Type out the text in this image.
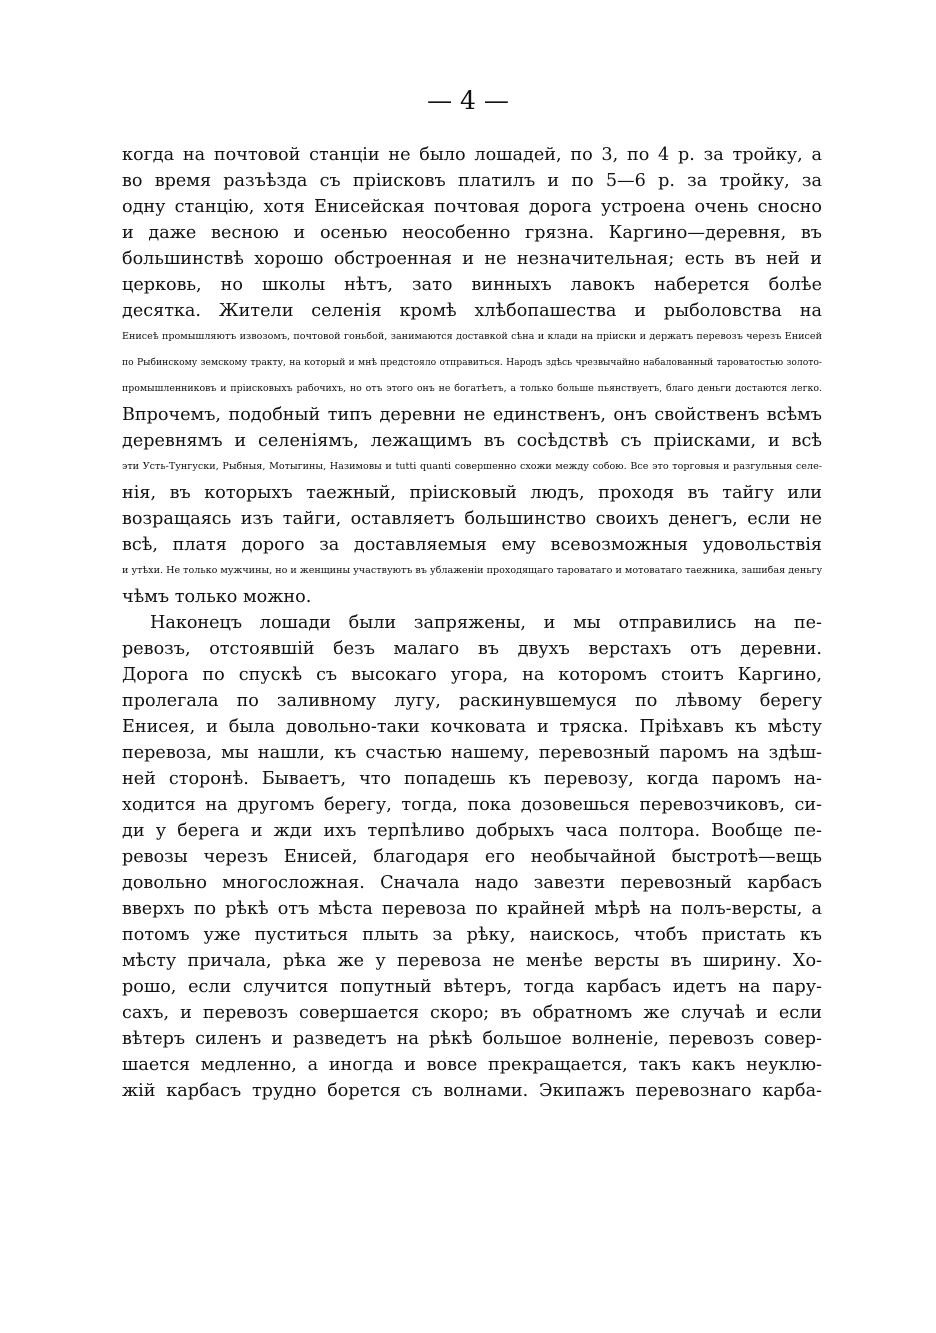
— 4 —
когда на почтовой станціи не было лошадей, по 3, по 4 р. за тройку, а
во время разъѣзда съ пріисковъ платилъ и по 5—6 р. за тройку, за
одну станцію, хотя Енисейская почтовая дорога устроена очень сносно
и даже весною и осенью неособенно грязна. Каргино—деревня, въ
большинствѣ хорошо обстроенная и не незначительная; есть въ ней и
церковь, но школы нѣтъ, зато винныхъ лавокъ наберется болѣе
десятка. Жители селенія кромѣ хлѣбопашества и рыболовства на
Енисеѣ промышляютъ извозомъ, почтовой гоньбой, занимаются доставкой сѣна и клади на пріиски и держатъ перевозъ черезъ Енисей
по Рыбинскому земскому тракту, на который и мнѣ предстояло отправиться. Народъ здѣсь чрезвычайно набалованный тароватостью золото-
промышленниковъ и пріисковыхъ рабочихъ, но отъ этого онъ не богатѣетъ, а только больше пьянствуетъ, благо деньги достаются легко.
Впрочемъ, подобный типъ деревни не единственъ, онъ свойственъ всѣмъ
деревнямъ и селеніямъ, лежащимъ въ сосѣдствѣ съ пріисками, и всѣ
эти Усть-Тунгуски, Рыбныя, Мотыгины, Назимовы и tutti quanti совершенно схожи между собою. Все это торговыя и разгульныя селе-
нія, въ которыхъ таежный, пріисковый людъ, проходя въ тайгу или
возращаясь изъ тайги, оставляетъ большинство своихъ денегъ, если не
всѣ, платя дорого за доставляемыя ему всевозможныя удовольствія
и утѣхи. Не только мужчины, но и женщины участвуютъ въ ублаженіи проходящаго тароватаго и мотоватаго таежника, зашибая деньгу
чѣмъ только можно.
Наконецъ лошади были запряжены, и мы отправились на пе-
ревозъ, отстоявшій безъ малаго въ двухъ верстахъ отъ деревни.
Дорога по спускѣ съ высокаго угора, на которомъ стоитъ Каргино,
пролегала по заливному лугу, раскинувшемуся по лѣвому берегу
Енисея, и была довольно-таки кочковата и тряска. Пріѣхавъ къ мѣсту
перевоза, мы нашли, къ счастью нашему, перевозный паромъ на здѣш-
ней сторонѣ. Бываетъ, что попадешь къ перевозу, когда паромъ на-
ходится на другомъ берегу, тогда, пока дозовешься перевозчиковъ, си-
ди у берега и жди ихъ терпѣливо добрыхъ часа полтора. Вообще пе-
ревозы черезъ Енисей, благодаря его необычайной быстротѣ—вещь
довольно многосложная. Сначала надо завезти перевозный карбасъ
вверхъ по рѣкѣ отъ мѣста перевоза по крайней мѣрѣ на полъ-версты, а
потомъ уже пуститься плыть за рѣку, наискось, чтобъ пристать къ
мѣсту причала, рѣка же у перевоза не менѣе версты въ ширину. Хо-
рошо, если случится попутный вѣтеръ, тогда карбасъ идетъ на пару-
сахъ, и перевозъ совершается скоро; въ обратномъ же случаѣ и если
вѣтеръ силенъ и разведетъ на рѣкѣ большое волненіе, перевозъ совер-
шается медленно, а иногда и вовсе прекращается, такъ какъ неуклю-
жій карбасъ трудно борется съ волнами. Экипажъ перевознаго карба-
